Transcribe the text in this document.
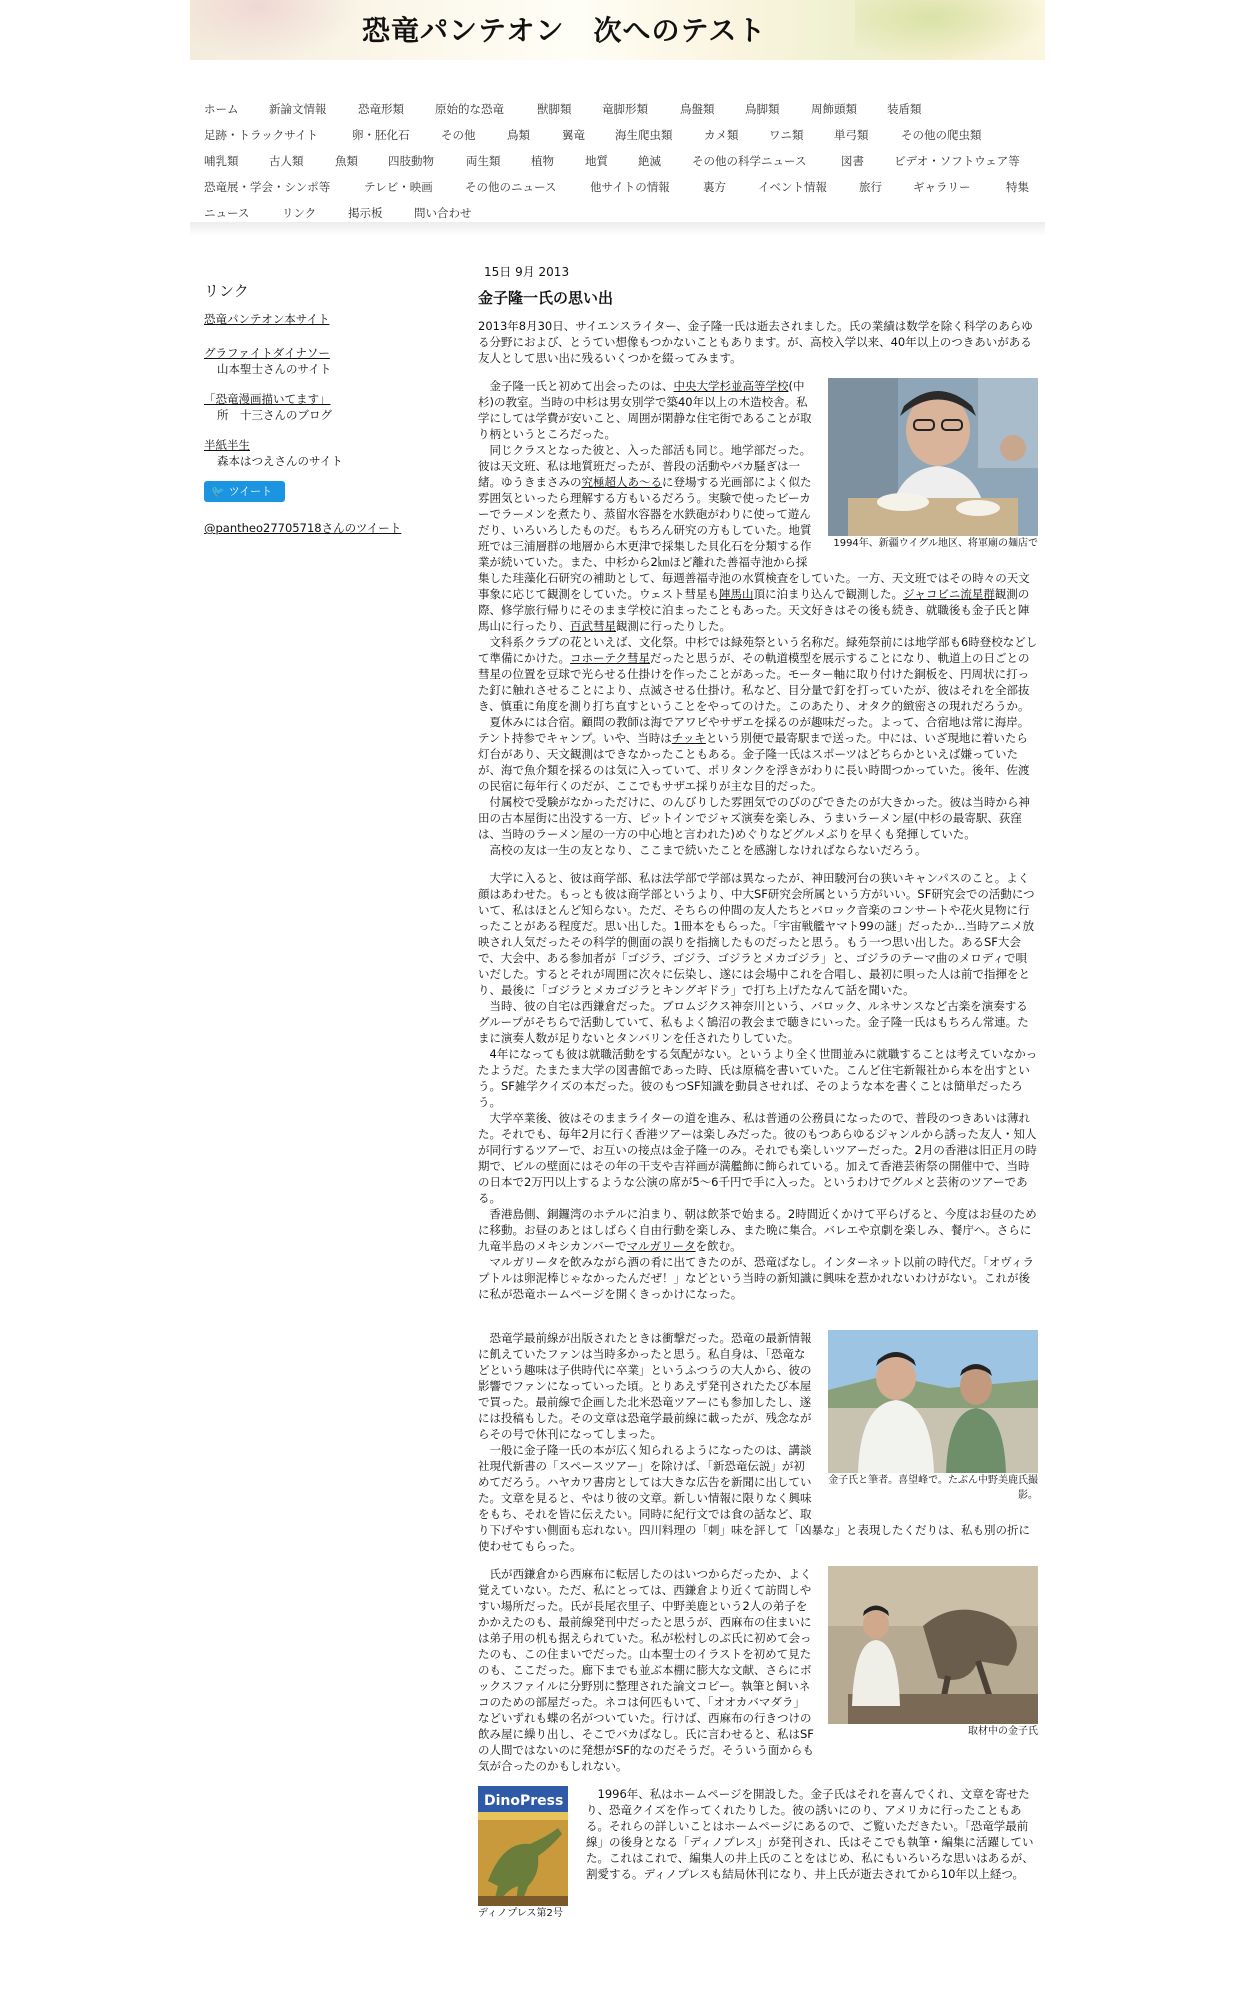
恐竜パンテオン　次へのテスト
ホーム	新論文情報	恐竜形類	原始的な恐竜	獣脚類	竜脚形類	鳥盤類	鳥脚類	周飾頭類	装盾類
足跡・トラックサイト	卵・胚化石	その他	鳥類	翼竜	海生爬虫類	カメ類	ワニ類	単弓類	その他の爬虫類
哺乳類	古人類	魚類	四肢動物	両生類	植物	地質	絶滅	その他の科学ニュース	図書	ビデオ・ソフトウェア等
恐竜展・学会・シンポ等	テレビ・映画	その他のニュース	他サイトの情報	裏方	イベント情報	旅行	ギャラリー	特集
ニュース	リンク	掲示板	問い合わせ
リンク
恐竜パンテオン本サイト
グラファイトダイナソー
山本聖士さんのサイト
「恐竜漫画描いてます」
所　十三さんのブログ
半紙半生
森本はつえさんのサイト
🐦 ツイート
@pantheo27705718さんのツイート
15日 9月 2013
金子隆一氏の思い出

2013年8月30日、サイエンスライター、金子隆一氏は逝去されました。氏の業績は数学を除く科学のあらゆる分野におよび、とうてい想像もつかないこともあります。が、高校入学以来、40年以上のつきあいがある友人として思い出に残るいくつかを綴ってみます。

1994年、新疆ウイグル地区、将軍廟の麺店で

金子隆一氏と初めて出会ったのは、中央大学杉並高等学校(中杉)の教室。当時の中杉は男女別学で築40年以上の木造校舎。私学にしては学費が安いこと、周囲が閑静な住宅街であることが取り柄というところだった。

同じクラスとなった彼と、入った部活も同じ。地学部だった。彼は天文班、私は地質班だったが、普段の活動やバカ騒ぎは一緒。ゆうきまさみの究極超人あ～るに登場する光画部によく似た雰囲気といったら理解する方もいるだろう。実験で使ったビーカーでラーメンを煮たり、蒸留水容器を水鉄砲がわりに使って遊んだり、いろいろしたものだ。もちろん研究の方もしていた。地質班では三浦層群の地層から木更津で採集した貝化石を分類する作業が続いていた。また、中杉から2㎞ほど離れた善福寺池から採集した珪藻化石研究の補助として、毎週善福寺池の水質検査をしていた。一方、天文班ではその時々の天文事象に応じて観測をしていた。ウェスト彗星も陣馬山頂に泊まり込んで観測した。ジャコビニ流星群観測の際、修学旅行帰りにそのまま学校に泊まったこともあった。天文好きはその後も続き、就職後も金子氏と陣馬山に行ったり、百武彗星観測に行ったりした。

文科系クラブの花といえば、文化祭。中杉では緑苑祭という名称だ。緑苑祭前には地学部も6時登校などして準備にかけた。コホーテク彗星だったと思うが、その軌道模型を展示することになり、軌道上の日ごとの彗星の位置を豆球で光らせる仕掛けを作ったことがあった。モーター軸に取り付けた銅板を、円周状に打った釘に触れさせることにより、点滅させる仕掛け。私など、目分量で釘を打っていたが、彼はそれを全部抜き、慎重に角度を測り打ち直すということをやってのけた。このあたり、オタク的緻密さの現れだろうか。

夏休みには合宿。顧問の教師は海でアワビやサザエを採るのが趣味だった。よって、合宿地は常に海岸。テント持参でキャンプ。いや、当時はチッキという別便で最寄駅まで送った。中には、いざ現地に着いたら灯台があり、天文観測はできなかったこともある。金子隆一氏はスポーツはどちらかといえば嫌っていたが、海で魚介類を採るのは気に入っていて、ポリタンクを浮きがわりに長い時間つかっていた。後年、佐渡の民宿に毎年行くのだが、ここでもサザエ採りが主な目的だった。

付属校で受験がなかっただけに、のんびりした雰囲気でのびのびできたのが大きかった。彼は当時から神田の古本屋街に出没する一方、ピットインでジャズ演奏を楽しみ、うまいラーメン屋(中杉の最寄駅、荻窪は、当時のラーメン屋の一方の中心地と言われた)めぐりなどグルメぶりを早くも発揮していた。

高校の友は一生の友となり、ここまで続いたことを感謝しなければならないだろう。

大学に入ると、彼は商学部、私は法学部で学部は異なったが、神田駿河台の狭いキャンパスのこと。よく顔はあわせた。もっとも彼は商学部というより、中大SF研究会所属という方がいい。SF研究会での活動について、私はほとんど知らない。ただ、そちらの仲間の友人たちとバロック音楽のコンサートや花火見物に行ったことがある程度だ。思い出した。1冊本をもらった。「宇宙戦艦ヤマト99の謎」だったか…当時アニメ放映され人気だったその科学的側面の誤りを指摘したものだったと思う。もう一つ思い出した。あるSF大会で、大会中、ある参加者が「ゴジラ、ゴジラ、ゴジラとメカゴジラ」と、ゴジラのテーマ曲のメロディで唄いだした。するとそれが周囲に次々に伝染し、遂には会場中これを合唱し、最初に唄った人は前で指揮をとり、最後に「ゴジラとメカゴジラとキングギドラ」で打ち上げたなんて話を聞いた。

当時、彼の自宅は西鎌倉だった。ブロムジクス神奈川という、バロック、ルネサンスなど古楽を演奏するグループがそちらで活動していて、私もよく鵠沼の教会まで聴きにいった。金子隆一氏はもちろん常連。たまに演奏人数が足りないとタンバリンを任されたりしていた。

4年になっても彼は就職活動をする気配がない。というより全く世間並みに就職することは考えていなかったようだ。たまたま大学の図書館であった時、氏は原稿を書いていた。こんど住宅新報社から本を出すという。SF雑学クイズの本だった。彼のもつSF知識を動員させれば、そのような本を書くことは簡単だったろう。

大学卒業後、彼はそのままライターの道を進み、私は普通の公務員になったので、普段のつきあいは薄れた。それでも、毎年2月に行く香港ツアーは楽しみだった。彼のもつあらゆるジャンルから誘った友人・知人が同行するツアーで、お互いの接点は金子隆一のみ。それでも楽しいツアーだった。2月の香港は旧正月の時期で、ビルの壁面にはその年の干支や吉祥画が満艦飾に飾られている。加えて香港芸術祭の開催中で、当時の日本で2万円以上するような公演の席が5～6千円で手に入った。というわけでグルメと芸術のツアーである。

香港島側、銅鑼湾のホテルに泊まり、朝は飲茶で始まる。2時間近くかけて平らげると、今度はお昼のために移動。お昼のあとはしばらく自由行動を楽しみ、また晩に集合。バレエや京劇を楽しみ、餐庁へ。さらに九竜半島のメキシカンバーでマルガリータを飲む。

マルガリータを飲みながら酒の肴に出てきたのが、恐竜ばなし。インターネット以前の時代だ。「オヴィラプトルは卵泥棒じゃなかったんだぜ！」などという当時の新知識に興味を惹かれないわけがない。これが後に私が恐竜ホームページを開くきっかけになった。

金子氏と筆者。喜望峰で。たぶん中野美鹿氏撮影。

恐竜学最前線が出版されたときは衝撃だった。恐竜の最新情報に飢えていたファンは当時多かったと思う。私自身は、「恐竜などという趣味は子供時代に卒業」というふつうの大人から、彼の影響でファンになっていった頃。とりあえず発刊されたたび本屋で買った。最前線で企画した北米恐竜ツアーにも参加したし、遂には投稿もした。その文章は恐竜学最前線に載ったが、残念ながらその号で休刊になってしまった。

一般に金子隆一氏の本が広く知られるようになったのは、講談社現代新書の「スペースツアー」を除けば、「新恐竜伝説」が初めてだろう。ハヤカワ書房としては大きな広告を新聞に出していた。文章を見ると、やはり彼の文章。新しい情報に限りなく興味をもち、それを皆に伝えたい。同時に紀行文では食の話など、取り下げやすい側面も忘れない。四川料理の「刺」味を評して「凶暴な」と表現したくだりは、私も別の折に使わせてもらった。

取材中の金子氏

氏が西鎌倉から西麻布に転居したのはいつからだったか、よく覚えていない。ただ、私にとっては、西鎌倉より近くて訪問しやすい場所だった。氏が長尾衣里子、中野美鹿という2人の弟子をかかえたのも、最前線発刊中だったと思うが、西麻布の住まいには弟子用の机も据えられていた。私が松村しのぶ氏に初めて会ったのも、この住まいでだった。山本聖士のイラストを初めて見たのも、ここだった。廊下までも並ぶ本棚に膨大な文献、さらにボックスファイルに分野別に整理された論文コピー。執筆と飼いネコのための部屋だった。ネコは何匹もいて、「オオカバマダラ」などいずれも蝶の名がついていた。行けば、西麻布の行きつけの飲み屋に繰り出し、そこでバカばなし。氏に言わせると、私はSFの人間ではないのに発想がSF的なのだそうだ。そういう面からも気が合ったのかもしれない。

DinoPress
ディノプレス第2号

1996年、私はホームページを開設した。金子氏はそれを喜んでくれ、文章を寄せたり、恐竜クイズを作ってくれたりした。彼の誘いにのり、アメリカに行ったこともある。それらの詳しいことはホームページにあるので、ご覧いただきたい。「恐竜学最前線」の後身となる「ディノプレス」が発刊され、氏はそこでも執筆・編集に活躍していた。これはこれで、編集人の井上氏のことをはじめ、私にもいろいろな思いはあるが、割愛する。ディノプレスも結局休刊になり、井上氏が逝去されてから10年以上経つ。
